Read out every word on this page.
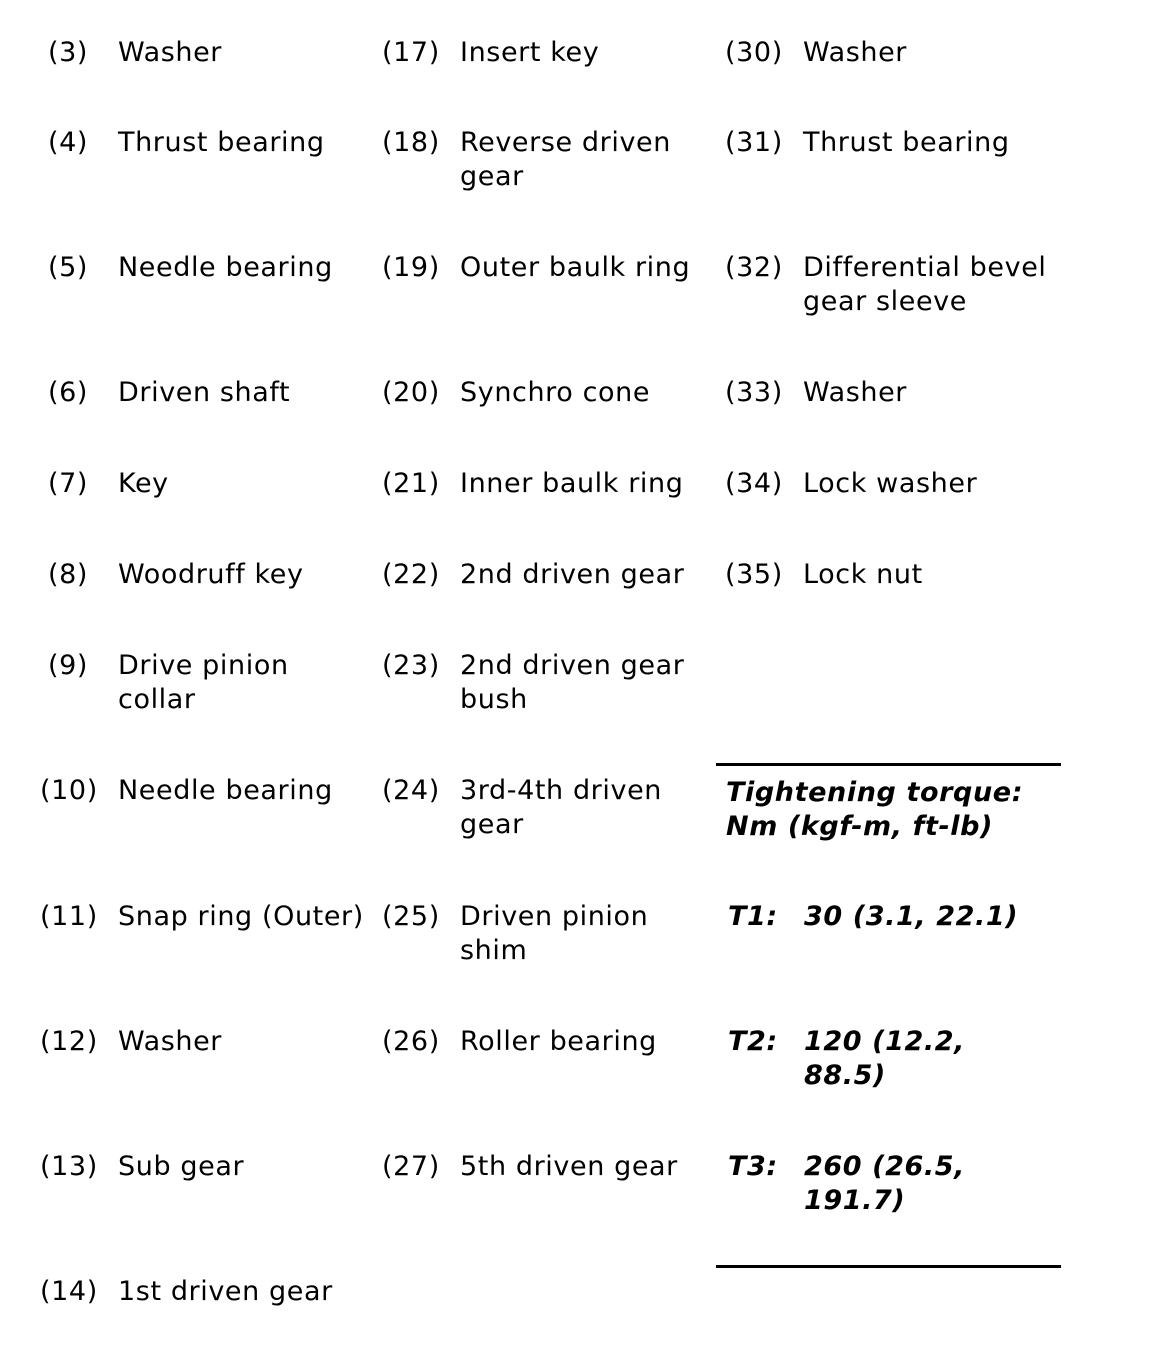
(3) Washer
(4) Thrust bearing
(5) Needle bearing
(6) Driven shaft
(7) Key
(8) Woodruff key
(9) Drive pinion collar
(10) Needle bearing
(11) Snap ring (Outer)
(12) Washer
(13) Sub gear
(14) 1st driven gear
(17) Insert key
(18) Reverse driven gear
(19) Outer baulk ring
(20) Synchro cone
(21) Inner baulk ring
(22) 2nd driven gear
(23) 2nd driven gear bush
(24) 3rd-4th driven gear
(25) Driven pinion shim
(26) Roller bearing
(27) 5th driven gear
(30) Washer
(31) Thrust bearing
(32) Differential bevel gear sleeve
(33) Washer
(34) Lock washer
(35) Lock nut
Tightening torque: Nm (kgf-m, ft-lb)
T1: 30 (3.1, 22.1)
T2: 120 (12.2, 88.5)
T3: 260 (26.5, 191.7)
